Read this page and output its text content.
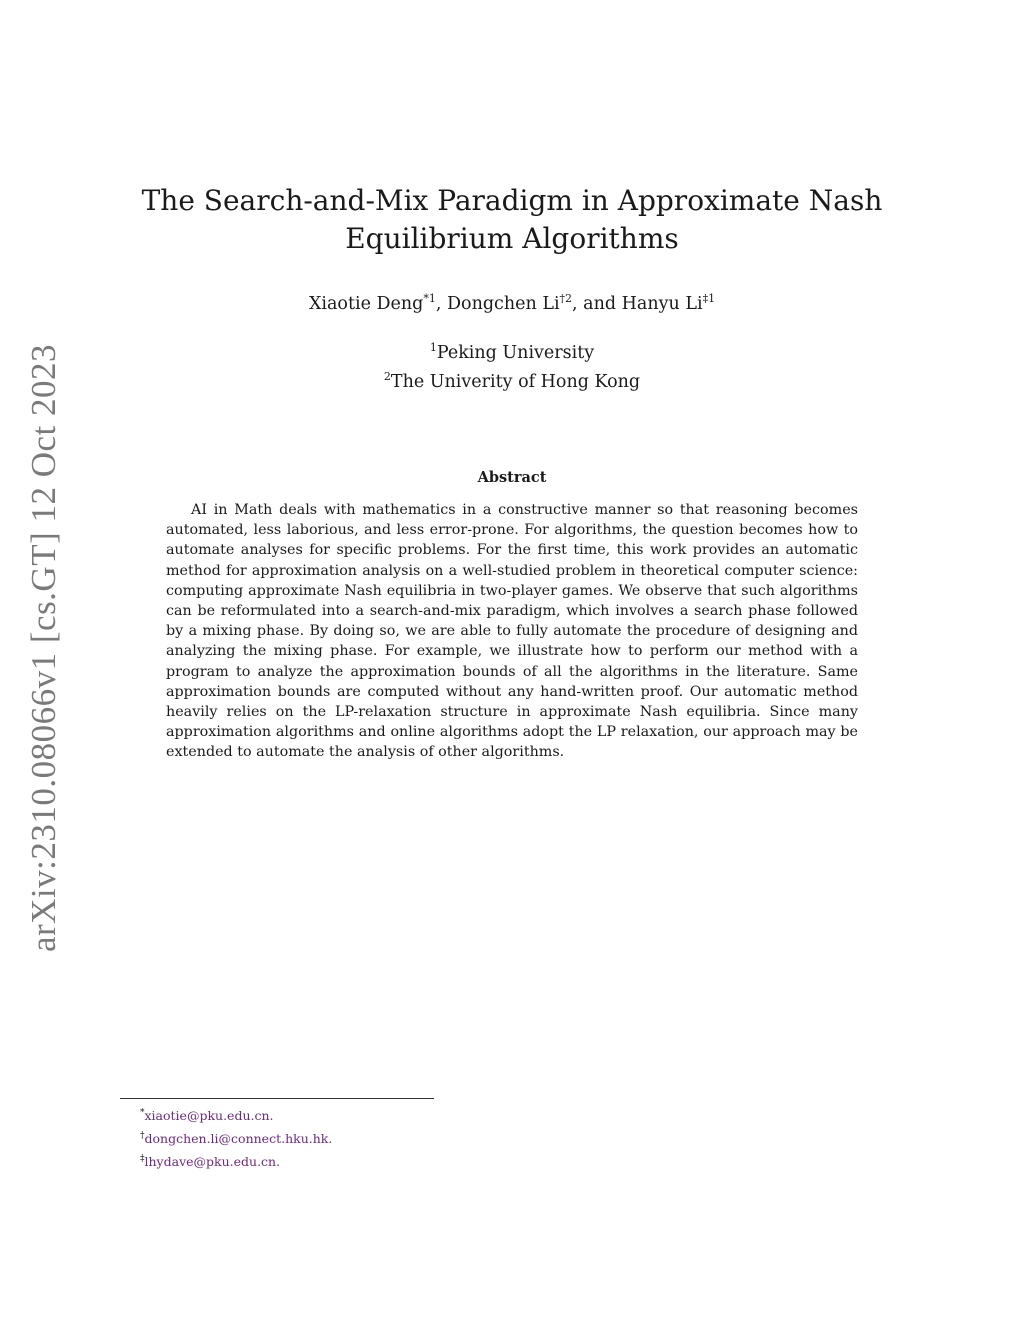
arXiv:2310.08066v1 [cs.GT] 12 Oct 2023
The Search-and-Mix Paradigm in Approximate Nash
Equilibrium Algorithms
Xiaotie Deng$^{*1}$, Dongchen Li$^{\dagger 2}$, and Hanyu Li$^{\ddagger 1}$
$^1$Peking University
$^2$The Univerity of Hong Kong
Abstract

AI in Math deals with mathematics in a constructive manner so that reasoning becomes automated, less laborious, and less error-prone. For algorithms, the question becomes how to automate analyses for specific problems. For the first time, this work provides an automatic method for approximation analysis on a well-studied problem in theoretical computer science: computing approximate Nash equilibria in two-player games. We observe that such algorithms can be reformulated into a search-and-mix paradigm, which involves a search phase followed by a mixing phase. By doing so, we are able to fully automate the procedure of designing and analyzing the mixing phase. For example, we illustrate how to perform our method with a program to analyze the approximation bounds of all the algorithms in the literature. Same approximation bounds are computed without any hand-written proof. Our automatic method heavily relies on the LP-relaxation structure in approximate Nash equilibria. Since many approximation algorithms and online algorithms adopt the LP relaxation, our approach may be extended to automate the analysis of other algorithms.

*xiaotie@pku.edu.cn.
†dongchen.li@connect.hku.hk.
‡lhydave@pku.edu.cn.
